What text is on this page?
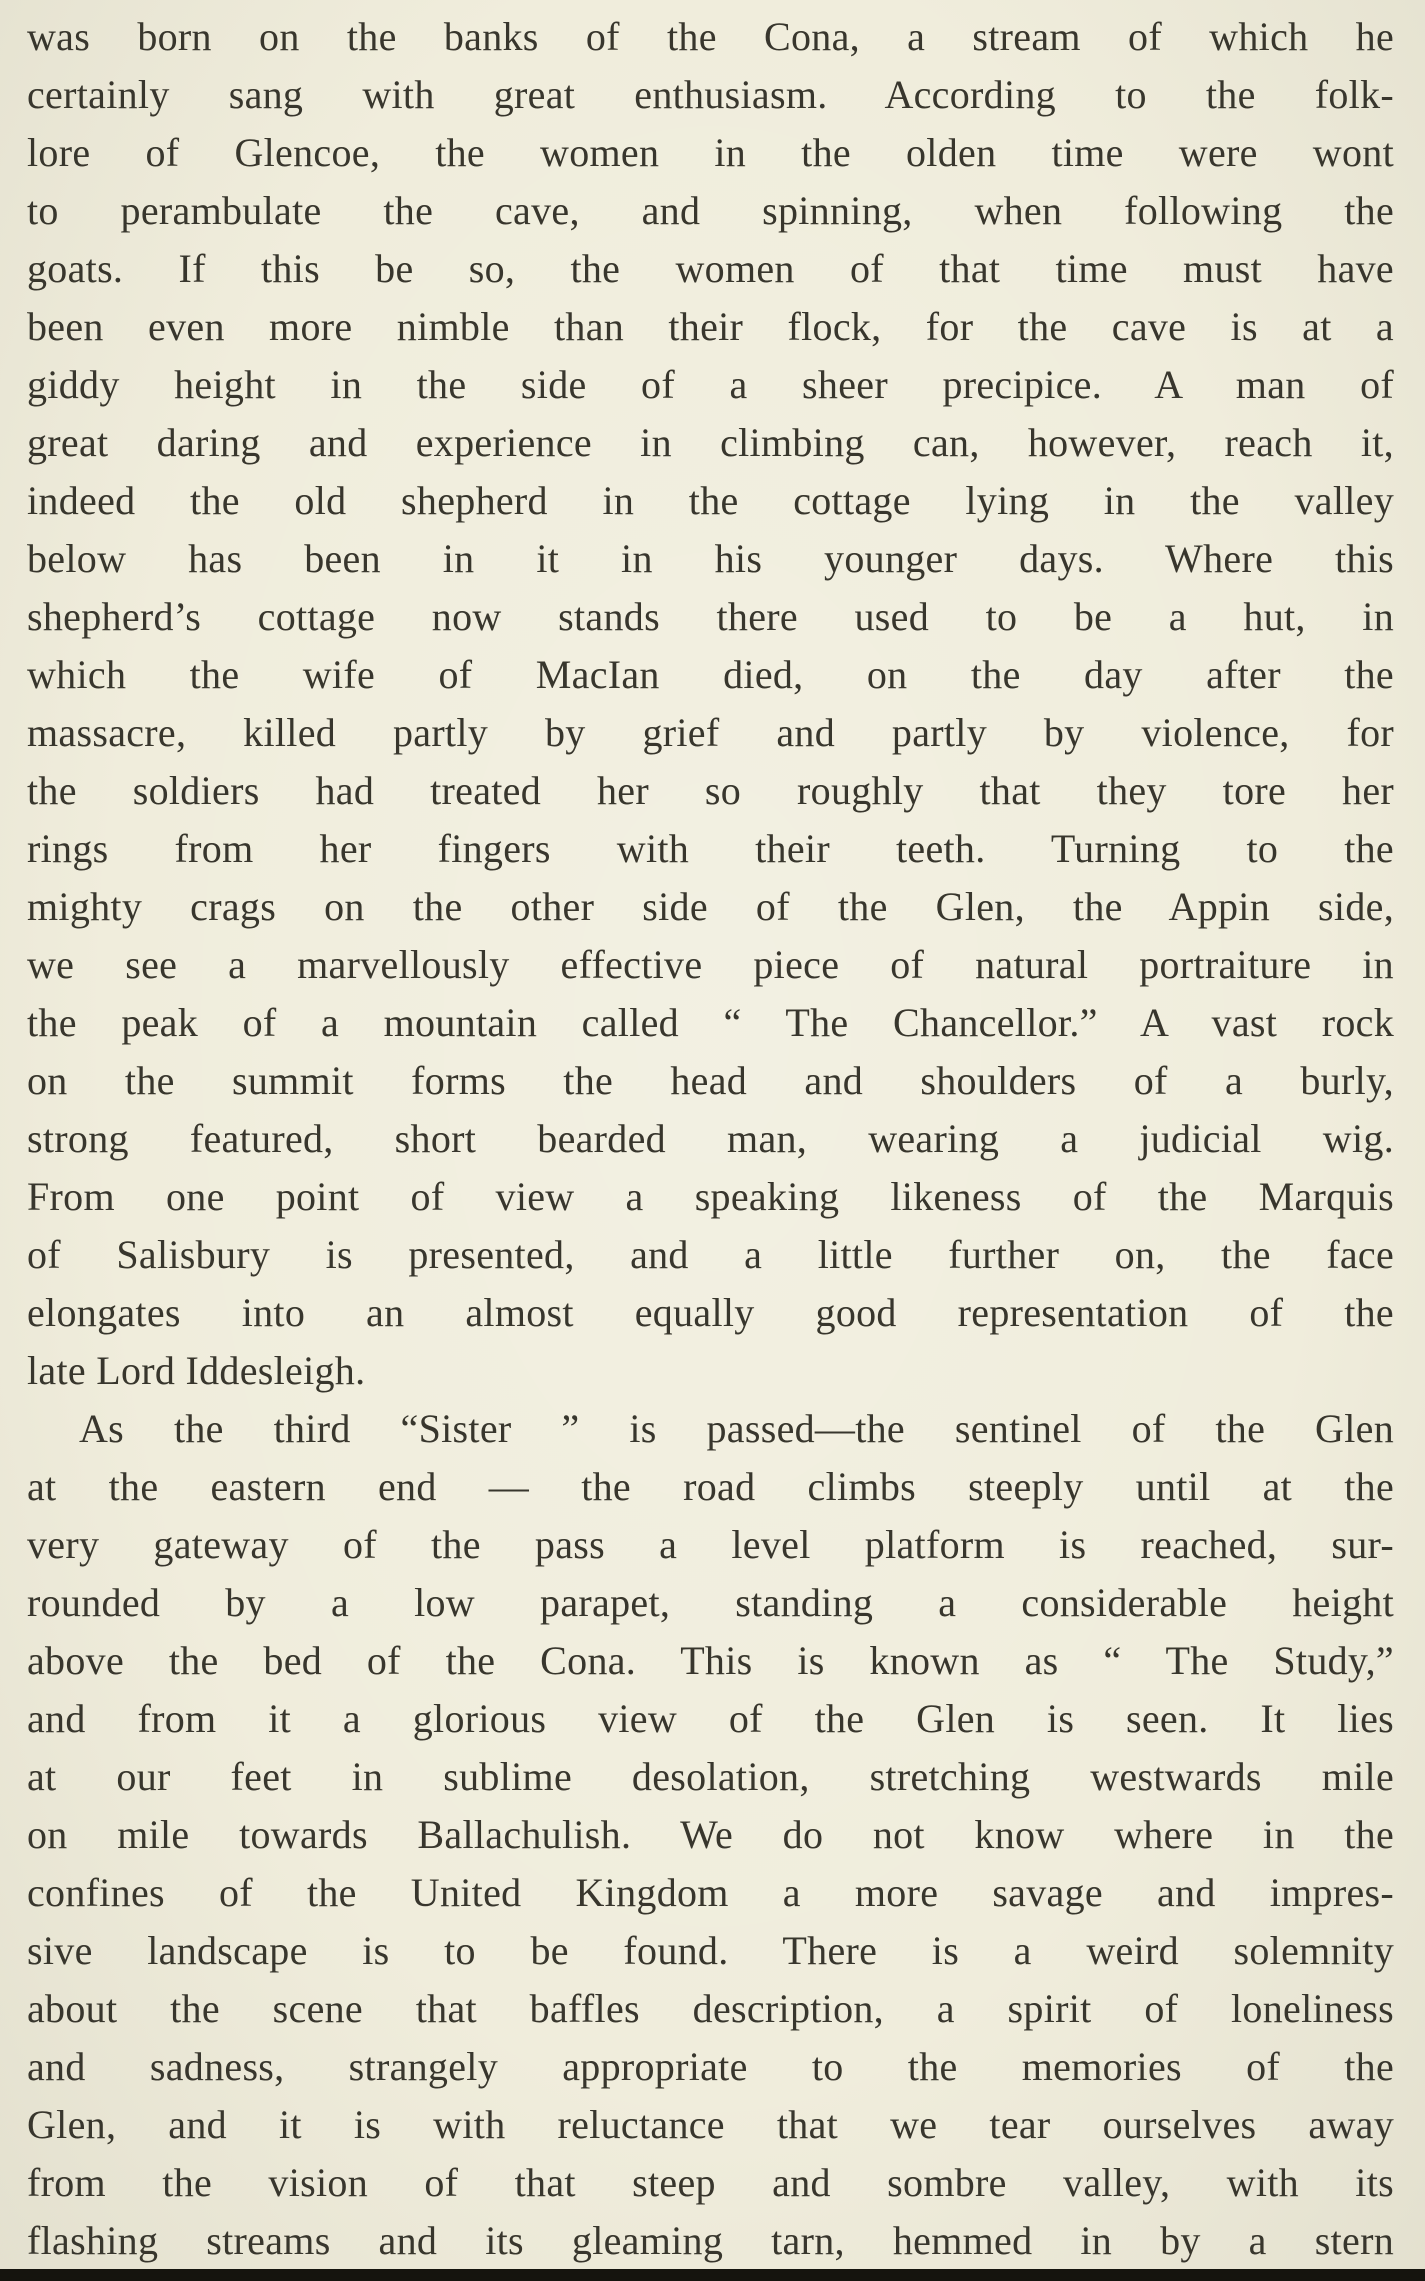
was born on the banks of the Cona, a stream of which he
certainly sang with great enthusiasm. According to the folk-
lore of Glencoe, the women in the olden time were wont
to perambulate the cave, and spinning, when following the
goats. If this be so, the women of that time must have
been even more nimble than their flock, for the cave is at a
giddy height in the side of a sheer precipice. A man of
great daring and experience in climbing can, however, reach it,
indeed the old shepherd in the cottage lying in the valley
below has been in it in his younger days. Where this
shepherd’s cottage now stands there used to be a hut, in
which the wife of MacIan died, on the day after the
massacre, killed partly by grief and partly by violence, for
the soldiers had treated her so roughly that they tore her
rings from her fingers with their teeth. Turning to the
mighty crags on the other side of the Glen, the Appin side,
we see a marvellously effective piece of natural portraiture in
the peak of a mountain called “ The Chancellor.” A vast rock
on the summit forms the head and shoulders of a burly,
strong featured, short bearded man, wearing a judicial wig.
From one point of view a speaking likeness of the Marquis
of Salisbury is presented, and a little further on, the face
elongates into an almost equally good representation of the
late Lord Iddesleigh.
As the third “Sister ” is passed—the sentinel of the Glen
at the eastern end — the road climbs steeply until at the
very gateway of the pass a level platform is reached, sur-
rounded by a low parapet, standing a considerable height
above the bed of the Cona. This is known as “ The Study,”
and from it a glorious view of the Glen is seen. It lies
at our feet in sublime desolation, stretching westwards mile
on mile towards Ballachulish. We do not know where in the
confines of the United Kingdom a more savage and impres-
sive landscape is to be found. There is a weird solemnity
about the scene that baffles description, a spirit of loneliness
and sadness, strangely appropriate to the memories of the
Glen, and it is with reluctance that we tear ourselves away
from the vision of that steep and sombre valley, with its
flashing streams and its gleaming tarn, hemmed in by a stern
